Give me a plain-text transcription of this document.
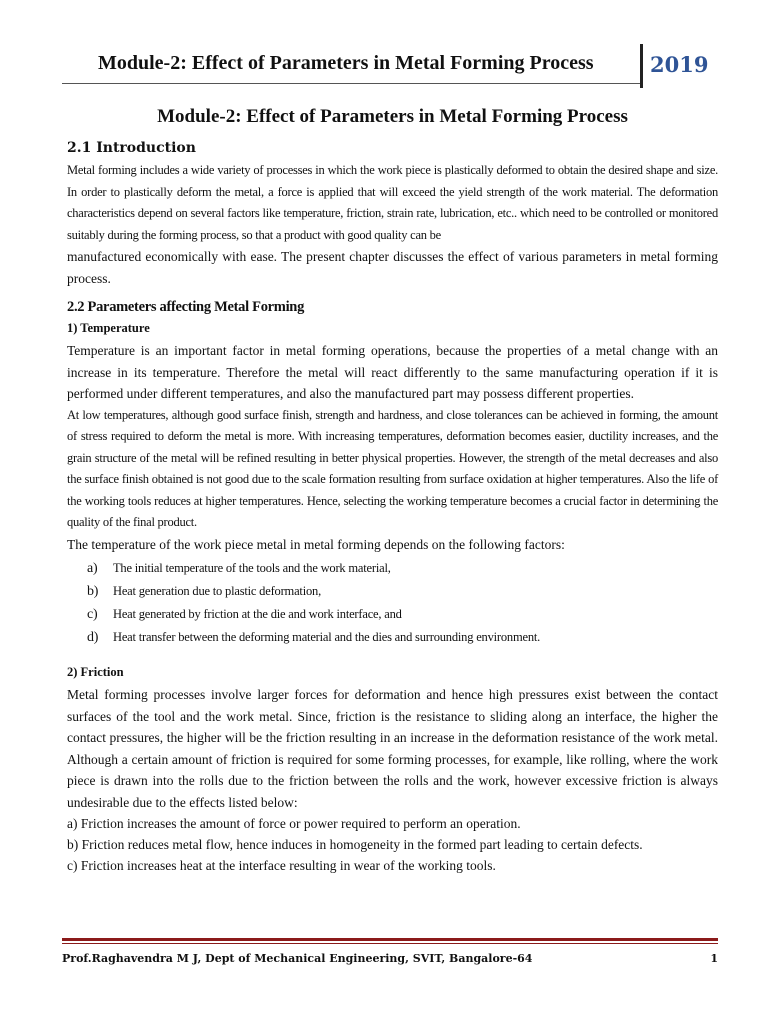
Module-2: Effect of Parameters in Metal Forming Process	2019
Module-2: Effect of Parameters in Metal Forming Process
2.1 Introduction

Metal forming includes a wide variety of processes in which the work piece is plastically deformed to obtain the desired shape and size. In order to plastically deform the metal, a force is applied that will exceed the yield strength of the work material. The deformation characteristics depend on several factors like temperature, friction, strain rate, lubrication, etc.. which need to be controlled or monitored suitably during the forming process, so that a product with good quality can be

manufactured economically with ease. The present chapter discusses the effect of various parameters in metal forming process.

2.2 Parameters affecting Metal Forming
1) Temperature

Temperature is an important factor in metal forming operations, because the properties of a metal change with an increase in its temperature. Therefore the metal will react differently to the same manufacturing operation if it is performed under different temperatures, and also the manufactured part may possess different properties.

At low temperatures, although good surface finish, strength and hardness, and close tolerances can be achieved in forming, the amount of stress required to deform the metal is more. With increasing temperatures, deformation becomes easier, ductility increases, and the grain structure of the metal will be refined resulting in better physical properties. However, the strength of the metal decreases and also the surface finish obtained is not good due to the scale formation resulting from surface oxidation at higher temperatures. Also the life of the working tools reduces at higher temperatures. Hence, selecting the working temperature becomes a crucial factor in determining the quality of the final product.

The temperature of the work piece metal in metal forming depends on the following factors:

a)	The initial temperature of the tools and the work material,
b)	Heat generation due to plastic deformation,
c)	Heat generated by friction at the die and work interface, and
d)	Heat transfer between the deforming material and the dies and surrounding environment.
2) Friction

Metal forming processes involve larger forces for deformation and hence high pressures exist between the contact surfaces of the tool and the work metal. Since, friction is the resistance to sliding along an interface, the higher the contact pressures, the higher will be the friction resulting in an increase in the deformation resistance of the work metal. Although a certain amount of friction is required for some forming processes, for example, like rolling, where the work piece is drawn into the rolls due to the friction between the rolls and the work, however excessive friction is always undesirable due to the effects listed below:

a) Friction increases the amount of force or power required to perform an operation.
b) Friction reduces metal flow, hence induces in homogeneity in the formed part leading to certain defects.
c) Friction increases heat at the interface resulting in wear of the working tools.
Prof.Raghavendra M J, Dept of Mechanical Engineering, SVIT, Bangalore-64	1
